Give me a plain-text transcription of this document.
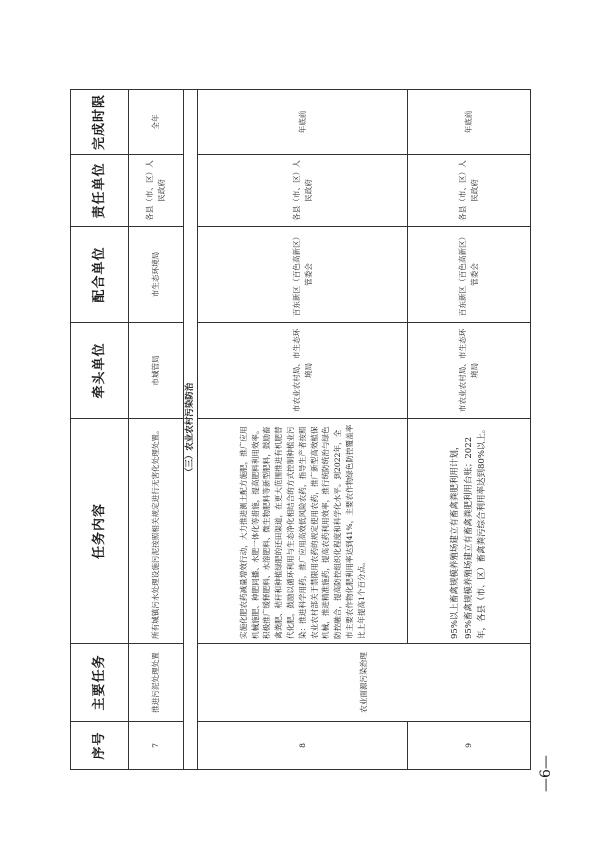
序号	主要任务	任务内容	牵头单位	配合单位	责任单位	完成时限
7	推进污泥处理处置	所有城镇污水处理设施污泥按照相关规定进行无害化处理处置。	市城管局	市生态环境局	各县（市、区）人民政府	全年
（三）农业农村污染防治						
8	农业面源污染治理	实施化肥农药减量增效行动，大力推进测土配方施肥，推广应用机械施肥、种肥同播、水肥一体化等措施，提高肥料利用效率。积极推广缓释肥料、水溶肥料、微生物肥料等新型肥料，鼓励畜禽粪肥、秸秆和种植绿肥的还田渠道，在更大范围推进有机肥替代化肥，鼓励以循环利用与生态净化相结合的方式控制种植业污染：推进科学用药，推广应用高效低风险农药，指导生产者按照农业农村部关于禁限用农药的规定使用农药，推广新型高效植保机械，推进精准施药，提高农药利用效率，推行统防统治与绿色防控融合，提高防控组织化程度和科学化水平。到2022年，全市主要农作物化肥利用率达到41%，主要农作物绿色防控覆盖率比上年提高1个百分点。	市农业农村局、市生态环境局	百东新区（百色高新区）管委会	各县（市、区）人民政府	年底前
9		95%以上畜禽规模养殖场建立有畜禽粪肥利用计划，95%畜禽规模养殖场建立有畜禽粪肥利用台账；2022年，各县（市、区）畜禽粪污综合利用率达到80%以上。	市农业农村局、市生态环境局	百东新区（百色高新区）管委会	各县（市、区）人民政府	年底前
—6—
